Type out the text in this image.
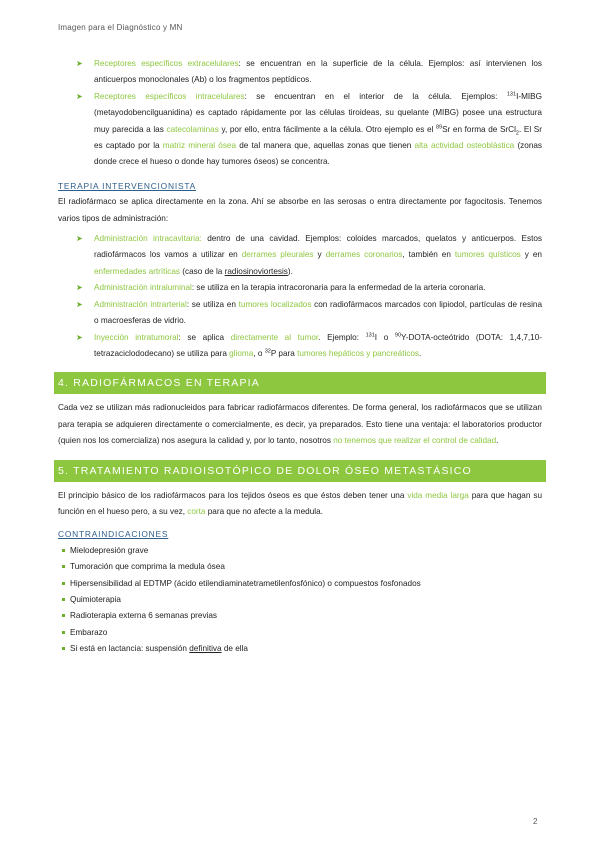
Imagen para el Diagnóstico y MN
➤ Receptores específicos extracelulares: se encuentran en la superficie de la célula. Ejemplos: así intervienen los anticuerpos monoclonales (Ab) o los fragmentos peptídicos.
➤ Receptores específicos intracelulares: se encuentran en el interior de la célula. Ejemplos: $^{131}$I-MIBG (metayodobencilguanidina) es captado rápidamente por las células tiroideas, su quelante (MIBG) posee una estructura muy parecida a las catecolaminas y, por ello, entra fácilmente a la célula. Otro ejemplo es el $^{89}$Sr en forma de SrCl$_2$. El Sr es captado por la matriz mineral ósea de tal manera que, aquellas zonas que tienen alta actividad osteoblástica (zonas donde crece el hueso o donde hay tumores óseos) se concentra.
TERAPIA INTERVENCIONISTA

El radiofármaco se aplica directamente en la zona. Ahí se absorbe en las serosas o entra directamente por fagocitosis. Tenemos varios tipos de administración:

➤ Administración intracavitaria: dentro de una cavidad. Ejemplos: coloides marcados, quelatos y anticuerpos. Estos radiofármacos los vamos a utilizar en derrames pleurales y derrames coronarios, también en tumores quísticos y en enfermedades artríticas (caso de la radiosinoviortesis).
➤ Administración intraluminal: se utiliza en la terapia intracoronaria para la enfermedad de la arteria coronaria.
➤ Administración intrarterial: se utiliza en tumores localizados con radiofármacos marcados con lipiodol, partículas de resina o macroesferas de vidrio.
➤ Inyección intratumoral: se aplica directamente al tumor. Ejemplo: $^{131}$I o $^{90}$Y-DOTA-octeótrido (DOTA: 1,4,7,10-tetrazaciclododecano) se utiliza para glioma, o $^{32}$P para tumores hepáticos y pancreáticos.
4. RADIOFÁRMACOS EN TERAPIA

Cada vez se utilizan más radionucleidos para fabricar radiofármacos diferentes. De forma general, los radiofármacos que se utilizan para terapia se adquieren directamente o comercialmente, es decir, ya preparados. Esto tiene una ventaja: el laboratorios productor (quien nos los comercializa) nos asegura la calidad y, por lo tanto, nosotros no tenemos que realizar el control de calidad.

5. TRATAMIENTO RADIOISOTÓPICO DE DOLOR ÓSEO METASTÁSICO

El principio básico de los radiofármacos para los tejidos óseos es que éstos deben tener una vida media larga para que hagan su función en el hueso pero, a su vez, corta para que no afecte a la medula.

CONTRAINDICACIONES
Mielodepresión grave
Tumoración que comprima la medula ósea
Hipersensibilidad al EDTMP (ácido etilendiaminatetrametilenfosfónico) o compuestos fosfonados
Quimioterapia
Radioterapia externa 6 semanas previas
Embarazo
Si está en lactancia: suspensión definitiva de ella
2
